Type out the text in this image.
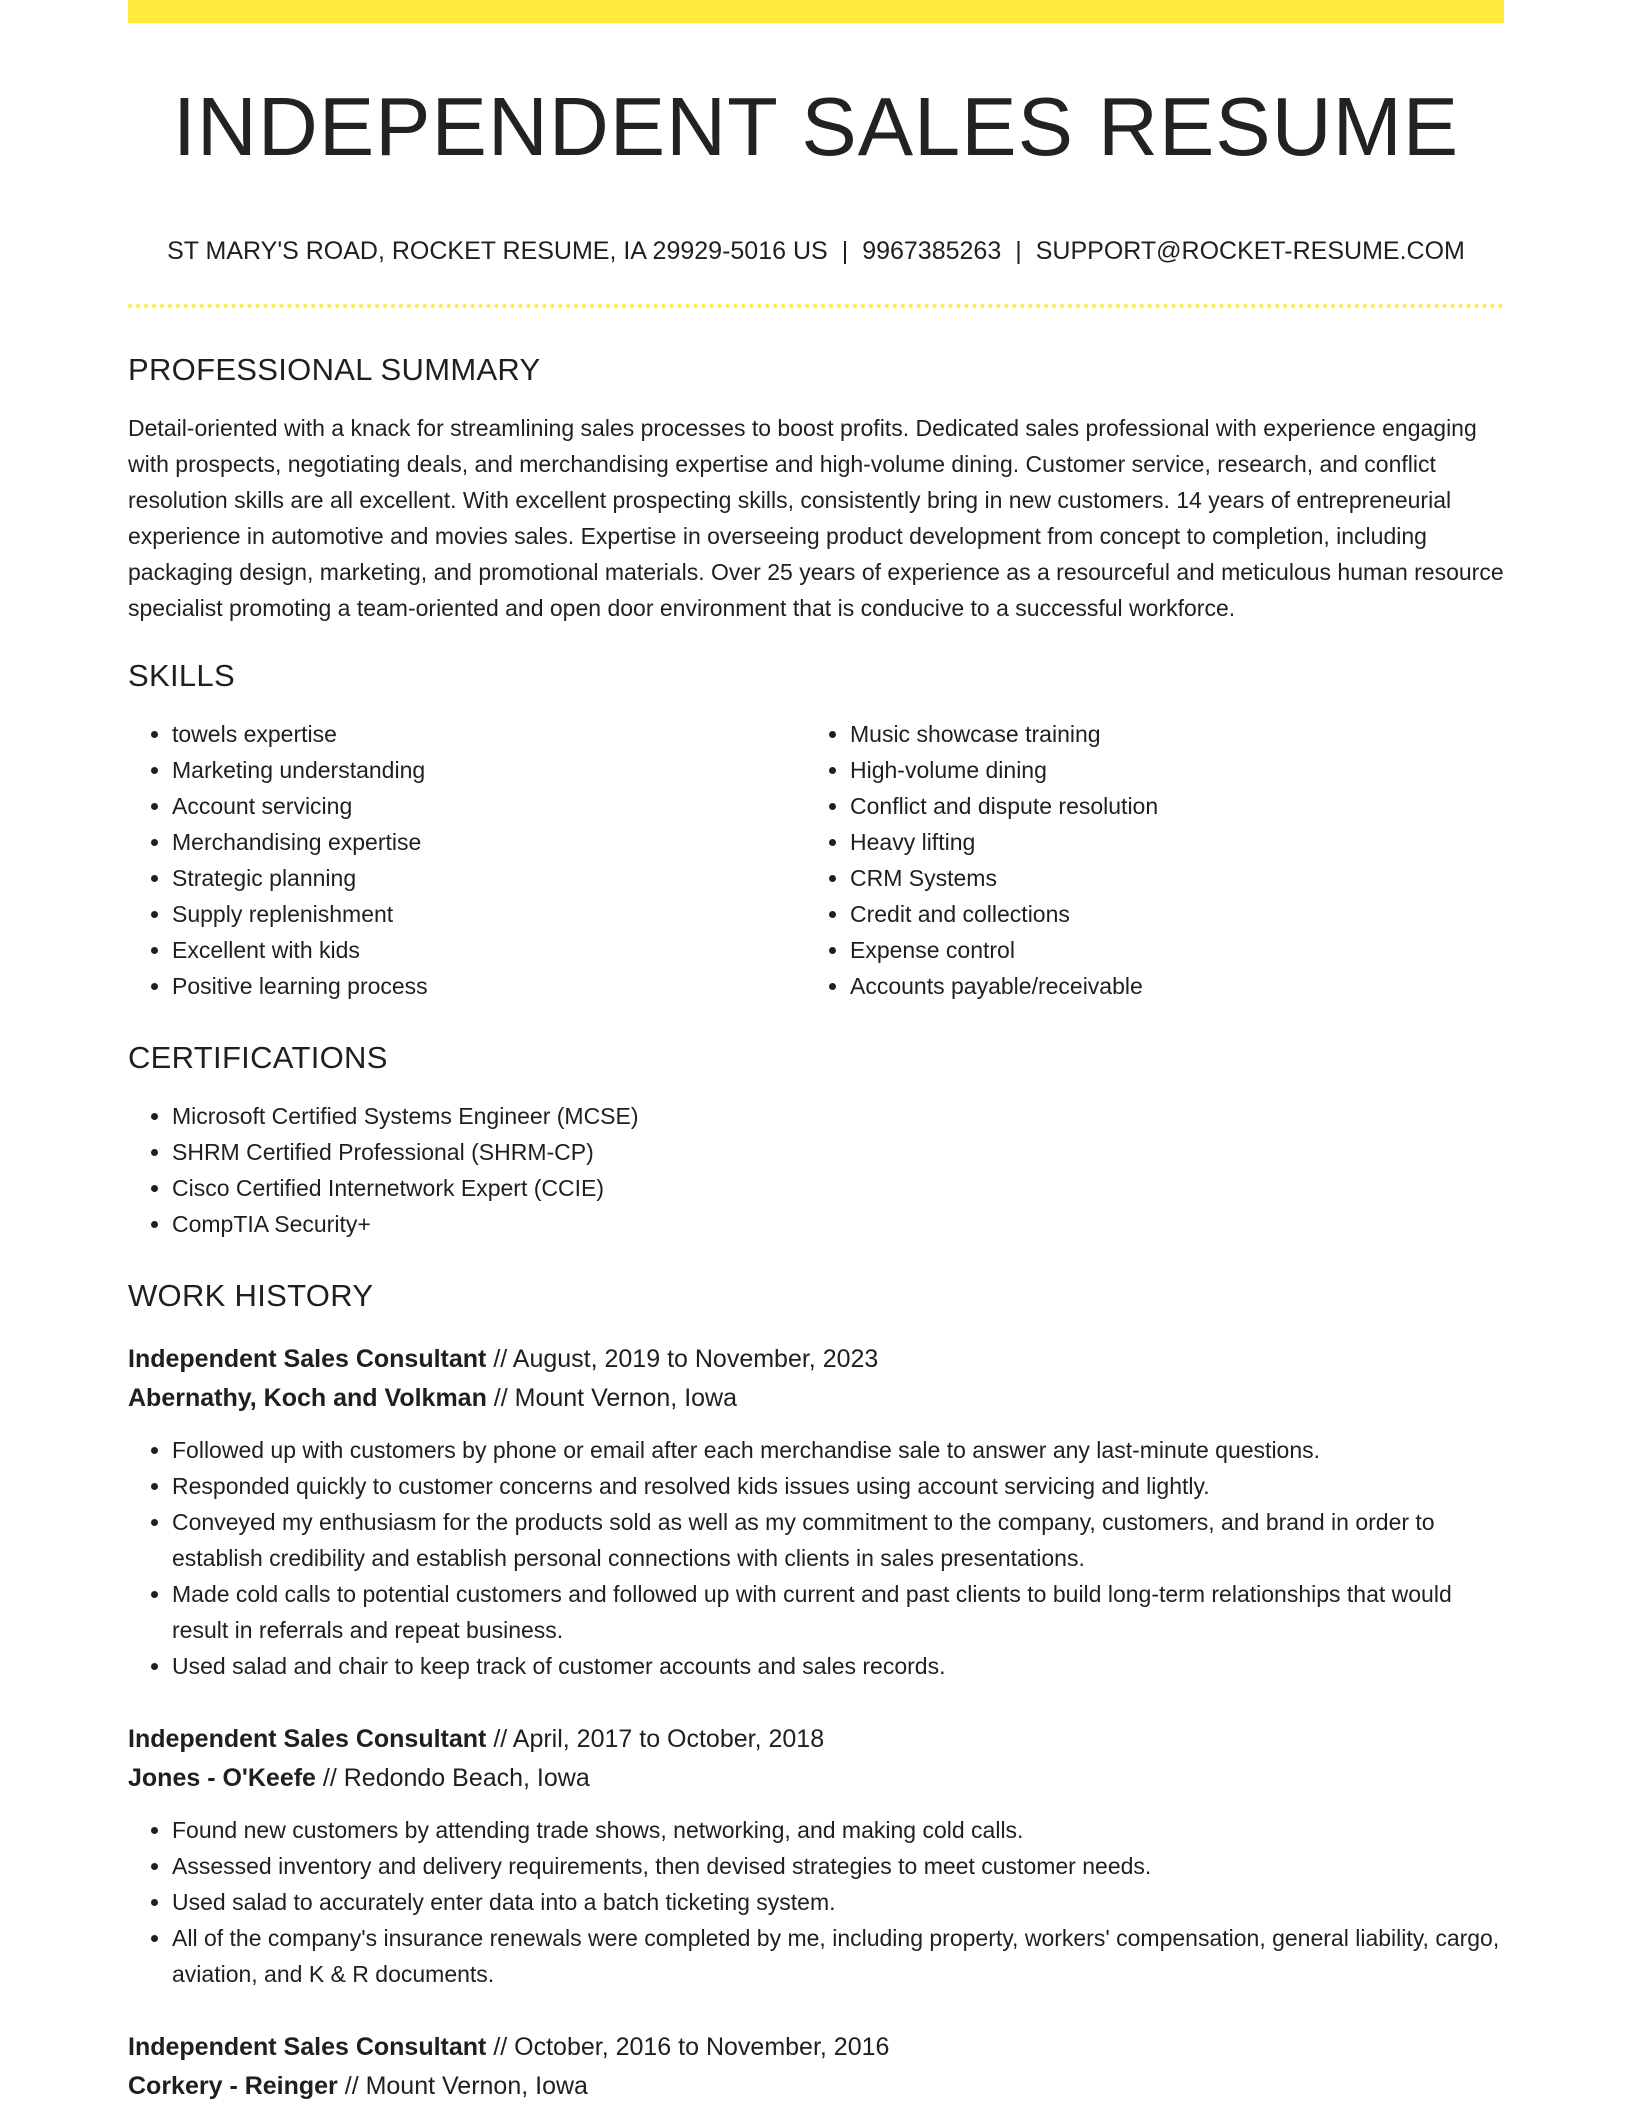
INDEPENDENT SALES RESUME
ST MARY'S ROAD, ROCKET RESUME, IA 29929-5016 US | 9967385263 | SUPPORT@ROCKET-RESUME.COM
PROFESSIONAL SUMMARY

Detail-oriented with a knack for streamlining sales processes to boost profits. Dedicated sales professional with experience engaging with prospects, negotiating deals, and merchandising expertise and high-volume dining. Customer service, research, and conflict resolution skills are all excellent. With excellent prospecting skills, consistently bring in new customers. 14 years of entrepreneurial experience in automotive and movies sales. Expertise in overseeing product development from concept to completion, including packaging design, marketing, and promotional materials. Over 25 years of experience as a resourceful and meticulous human resource specialist promoting a team-oriented and open door environment that is conducive to a successful workforce.

SKILLS
• towels expertise
• Marketing understanding
• Account servicing
• Merchandising expertise
• Strategic planning
• Supply replenishment
• Excellent with kids
• Positive learning process
• Music showcase training
• High-volume dining
• Conflict and dispute resolution
• Heavy lifting
• CRM Systems
• Credit and collections
• Expense control
• Accounts payable/receivable
CERTIFICATIONS
• Microsoft Certified Systems Engineer (MCSE)
• SHRM Certified Professional (SHRM-CP)
• Cisco Certified Internetwork Expert (CCIE)
• CompTIA Security+
WORK HISTORY
Independent Sales Consultant // August, 2019 to November, 2023
Abernathy, Koch and Volkman // Mount Vernon, Iowa
• Followed up with customers by phone or email after each merchandise sale to answer any last-minute questions.
• Responded quickly to customer concerns and resolved kids issues using account servicing and lightly.
• Conveyed my enthusiasm for the products sold as well as my commitment to the company, customers, and brand in order to establish credibility and establish personal connections with clients in sales presentations.
• Made cold calls to potential customers and followed up with current and past clients to build long-term relationships that would result in referrals and repeat business.
• Used salad and chair to keep track of customer accounts and sales records.
Independent Sales Consultant // April, 2017 to October, 2018
Jones - O'Keefe // Redondo Beach, Iowa
• Found new customers by attending trade shows, networking, and making cold calls.
• Assessed inventory and delivery requirements, then devised strategies to meet customer needs.
• Used salad to accurately enter data into a batch ticketing system.
• All of the company's insurance renewals were completed by me, including property, workers' compensation, general liability, cargo, aviation, and K & R documents.
Independent Sales Consultant // October, 2016 to November, 2016
Corkery - Reinger // Mount Vernon, Iowa
